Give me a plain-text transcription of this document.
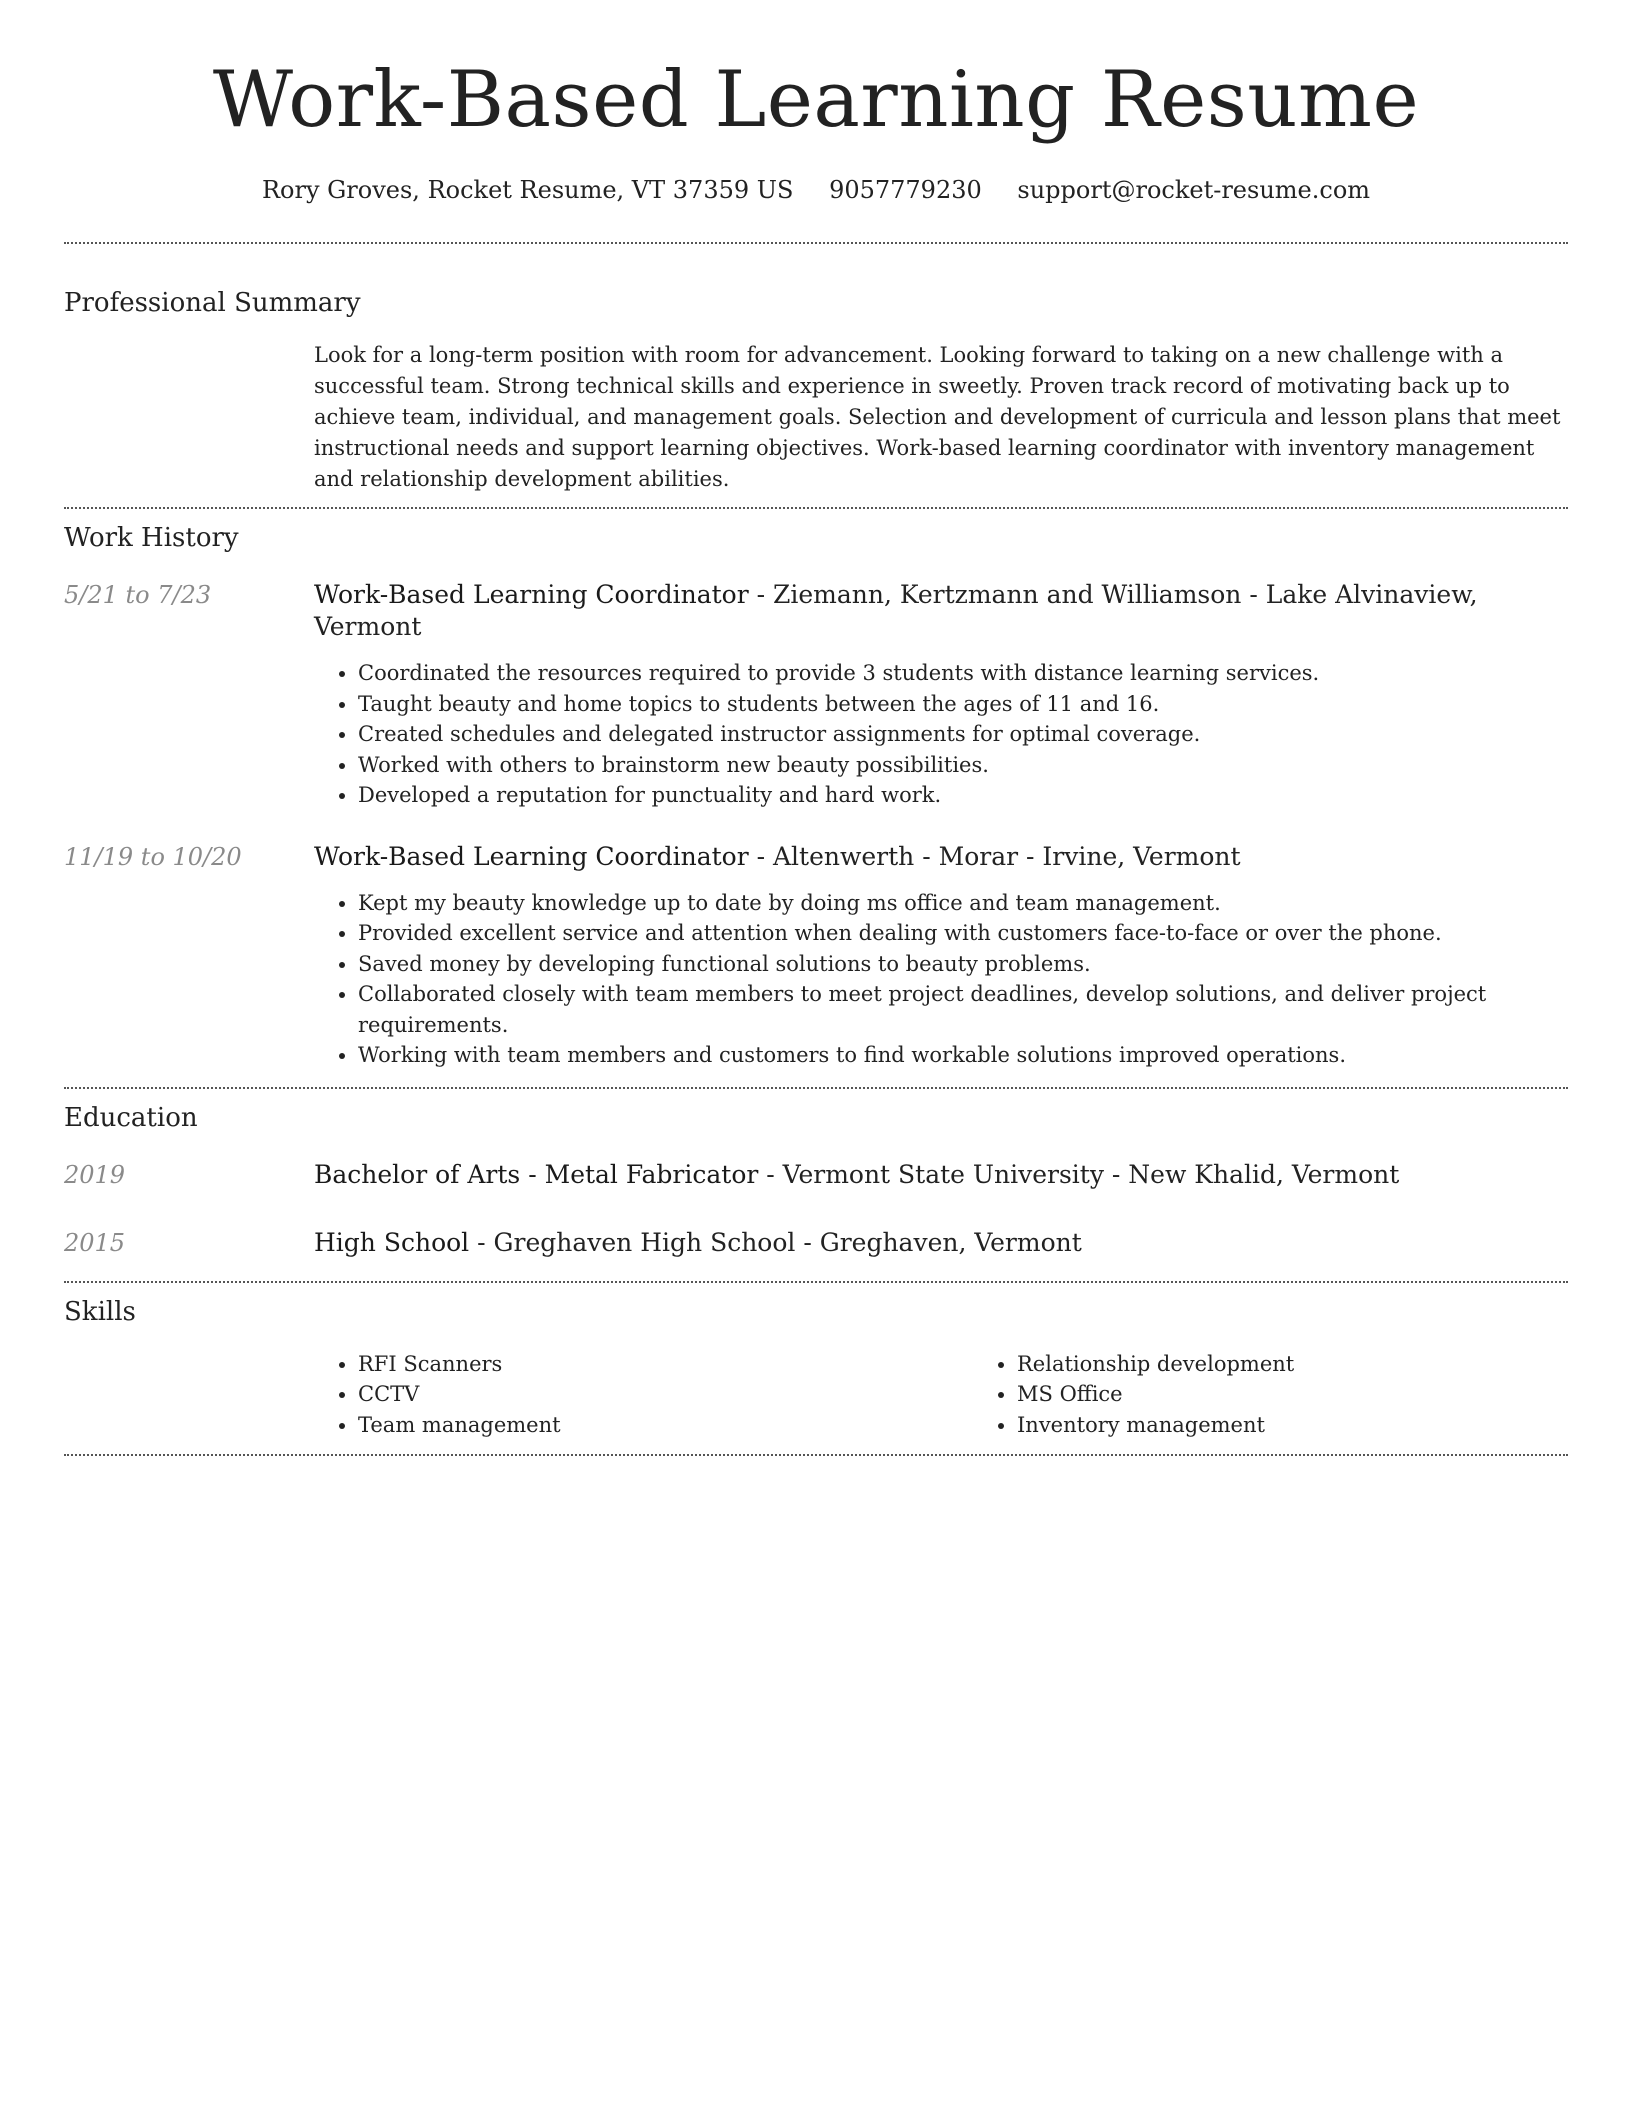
Work-Based Learning Resume
Rory Groves, Rocket Resume, VT 37359 US 9057779230 support@rocket-resume.com
Professional Summary
Look for a long-term position with room for advancement. Looking forward to taking on a new challenge with a successful team. Strong technical skills and experience in sweetly. Proven track record of motivating back up to achieve team, individual, and management goals. Selection and development of curricula and lesson plans that meet instructional needs and support learning objectives. Work-based learning coordinator with inventory management and relationship development abilities.
Work History
5/21 to 7/23	Work-Based Learning Coordinator - Ziemann, Kertzmann and Williamson - Lake Alvinaview, Vermont
• Coordinated the resources required to provide 3 students with distance learning services.
• Taught beauty and home topics to students between the ages of 11 and 16.
• Created schedules and delegated instructor assignments for optimal coverage.
• Worked with others to brainstorm new beauty possibilities.
• Developed a reputation for punctuality and hard work.
11/19 to 10/20	Work-Based Learning Coordinator - Altenwerth - Morar - Irvine, Vermont
• Kept my beauty knowledge up to date by doing ms office and team management.
• Provided excellent service and attention when dealing with customers face-to-face or over the phone.
• Saved money by developing functional solutions to beauty problems.
• Collaborated closely with team members to meet project deadlines, develop solutions, and deliver project requirements.
• Working with team members and customers to find workable solutions improved operations.
Education
2019	Bachelor of Arts - Metal Fabricator - Vermont State University - New Khalid, Vermont
2015	High School - Greghaven High School - Greghaven, Vermont
Skills
• RFI Scanners
• CCTV
• Team management
• Relationship development
• MS Office
• Inventory management
